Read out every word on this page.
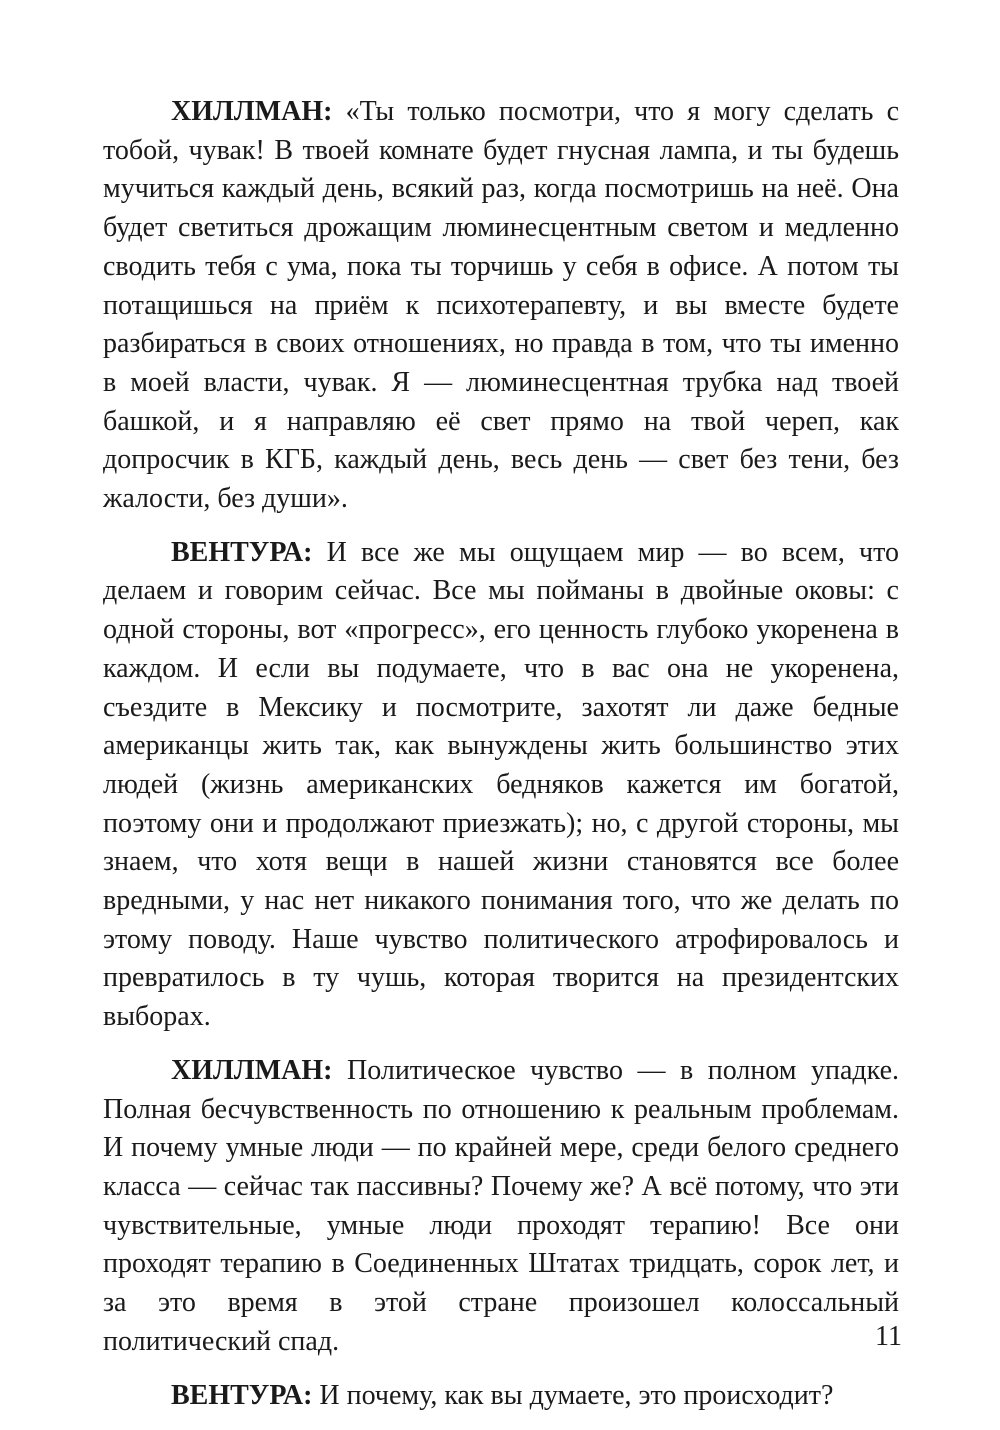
ХИЛЛМАН: «Ты только посмотри, что я могу сделать с тобой, чувак! В твоей комнате будет гнусная лампа, и ты будешь мучиться каждый день, всякий раз, когда посмотришь на неё. Она будет светиться дрожащим люминесцентным светом и медленно сводить тебя с ума, пока ты торчишь у себя в офисе. А потом ты потащишься на приём к психотерапевту, и вы вместе будете разбираться в своих отношениях, но правда в том, что ты именно в моей власти, чувак. Я — люминесцентная трубка над твоей башкой, и я направляю её свет прямо на твой череп, как допросчик в КГБ, каждый день, весь день — свет без тени, без жалости, без души».

ВЕНТУРА: И все же мы ощущаем мир — во всем, что делаем и говорим сейчас. Все мы пойманы в двойные оковы: с одной стороны, вот «прогресс», его ценность глубоко укоренена в каждом. И если вы подумаете, что в вас она не укоренена, съездите в Мексику и посмотрите, захотят ли даже бедные американцы жить так, как вынуждены жить большинство этих людей (жизнь американских бедняков кажется им богатой, поэтому они и продолжают приезжать); но, с другой стороны, мы знаем, что хотя вещи в нашей жизни становятся все более вредными, у нас нет никакого понимания того, что же делать по этому поводу. Наше чувство политического атрофировалось и превратилось в ту чушь, которая творится на президентских выборах.

ХИЛЛМАН: Политическое чувство — в полном упадке. Полная бесчувственность по отношению к реальным проблемам. И почему умные люди — по крайней мере, среди белого среднего класса — сейчас так пассивны? Почему же? А всё потому, что эти чувствительные, умные люди проходят терапию! Все они проходят терапию в Соединенных Штатах тридцать, сорок лет, и за это время в этой стране произошел колоссальный политический спад.

ВЕНТУРА: И почему, как вы думаете, это происходит?

11
